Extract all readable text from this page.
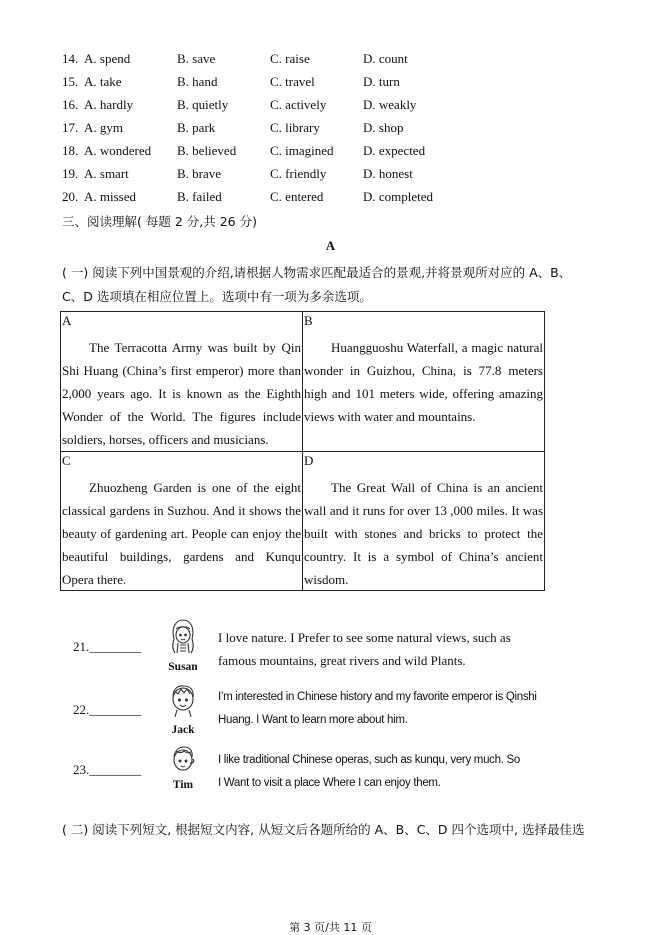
14. A. spend	B. save	C. raise	D. count
15. A. take	B. hand	C. travel	D. turn
16. A. hardly	B. quietly	C. actively	D. weakly
17. A. gym	B. park	C. library	D. shop
18. A. wondered B. believed	C. imagined D. expected
19. A. smart	B. brave	C. friendly	D. honest
20. A. missed	B. failed	C. entered	D. completed
三、阅读理解( 每题 2 分,共 26 分)
A
( 一) 阅读下列中国景观的介绍,请根据人物需求匹配最适合的景观,并将景观所对应的 A、B、
C、D 选项填在相应位置上。选项中有一项为多余选项。
A
The Terracotta Army was built by Qin Shi Huang (China’s first emperor) more than 2,000 years ago. It is known as the Eighth Wonder of the World. The figures include soldiers, horses, officers and musicians.
B
Huangguoshu Waterfall, a magic natural wonder in Guizhou, China, is 77.8 meters high and 101 meters wide, offering amazing views with water and mountains.
C
Zhuozheng Garden is one of the eight classical gardens in Suzhou. And it shows the beauty of gardening art. People can enjoy the beautiful buildings, gardens and Kunqu Opera there.
D
The Great Wall of China is an ancient wall and it runs for over 13 ,000 miles. It was built with stones and bricks to protect the country. It is a symbol of China’s ancient wisdom.
21.________
Susan
I love nature. I Prefer to see some natural views, such as
famous mountains, great rivers and wild Plants.
22.________
Jack
I’m interested in Chinese history and my favorite emperor is Qinshi
Huang. I Want to learn more about him.
23.________
Tim
I like traditional Chinese operas, such as kunqu, very much. So
I Want to visit a place Where I can enjoy them.
( 二) 阅读下列短文, 根据短文内容, 从短文后各题所给的 A、B、C、D 四个选项中, 选择最佳选
第 3 页/共 11 页
